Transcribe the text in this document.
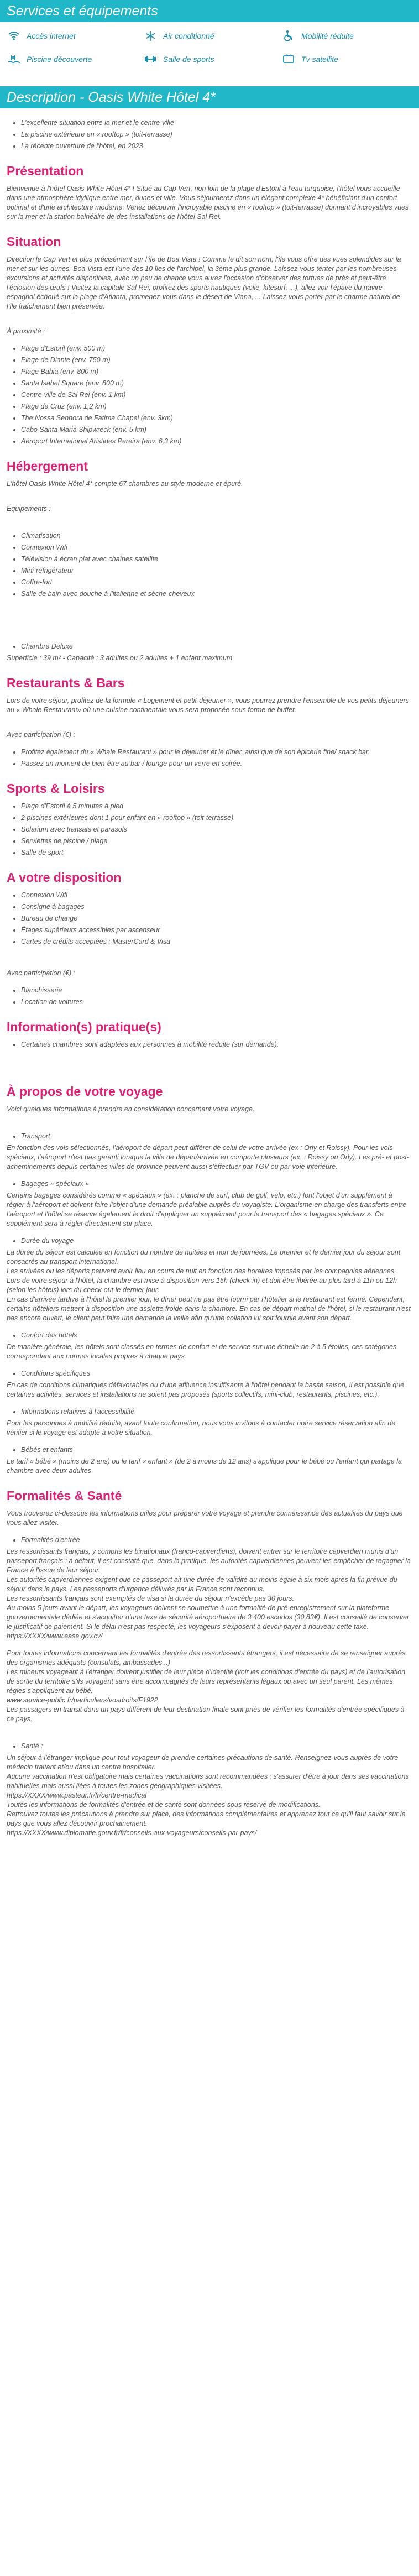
Services et équipements
Accès internet	Air conditionné	Mobilité réduite
Piscine découverte	Salle de sports	Tv satellite
Description - Oasis White Hôtel 4*
• L'excellente situation entre la mer et le centre-ville
• La piscine extérieure en « rooftop » (toit-terrasse)
• La récente ouverture de l'hôtel, en 2023
Présentation

Bienvenue à l'hôtel Oasis White Hôtel 4* ! Situé au Cap Vert, non loin de la plage d'Estoril à l'eau turquoise, l'hôtel vous accueille dans une atmosphère idyllique entre mer, dunes et ville. Vous séjournerez dans un élégant complexe 4* bénéficiant d'un confort optimal et d'une architecture moderne. Venez découvrir l'incroyable piscine en « rooftop » (toit-terrasse) donnant d'incroyables vues sur la mer et la station balnéaire de des installations de l'hôtel Sal Rei.

Situation

Direction le Cap Vert et plus précisément sur l'île de Boa Vista ! Comme le dit son nom, l'île vous offre des vues splendides sur la mer et sur les dunes. Boa Vista est l'une des 10 îles de l'archipel, la 3ème plus grande. Laissez-vous tenter par les nombreuses excursions et activités disponibles, avec un peu de chance vous aurez l'occasion d'observer des tortues de près et peut-être l'éclosion des œufs ! Visitez la capitale Sal Rei, profitez des sports nautiques (voile, kitesurf, ...), allez voir l'épave du navire espagnol échoué sur la plage d'Atlanta, promenez-vous dans le désert de Viana, ... Laissez-vous porter par le charme naturel de l'île fraîchement bien préservée.

À proximité :

• Plage d'Estoril (env. 500 m)
• Plage de Diante (env. 750 m)
• Plage Bahia (env. 800 m)
• Santa Isabel Square (env. 800 m)
• Centre-ville de Sal Rei (env. 1 km)
• Plage de Cruz (env. 1,2 km)
• The Nossa Senhora de Fatima Chapel (env. 3km)
• Cabo Santa Maria Shipwreck (env. 5 km)
• Aéroport International Aristides Pereira (env. 6,3 km)
Hébergement

L'hôtel Oasis White Hôtel 4* compte 67 chambres au style moderne et épuré.

Équipements :

• Climatisation
• Connexion Wifi
• Télévision à écran plat avec chaînes satellite
• Mini-réfrigérateur
• Coffre-fort
• Salle de bain avec douche à l'italienne et sèche-cheveux
• Chambre Deluxe

Superficie : 39 m² - Capacité : 3 adultes ou 2 adultes + 1 enfant maximum

Restaurants & Bars

Lors de votre séjour, profitez de la formule « Logement et petit-déjeuner », vous pourrez prendre l'ensemble de vos petits déjeuners au « Whale Restaurant» où une cuisine continentale vous sera proposée sous forme de buffet.

Avec participation (€) :

• Profitez également du « Whale Restaurant » pour le déjeuner et le dîner, ainsi que de son épicerie fine/ snack bar.
• Passez un moment de bien-être au bar / lounge pour un verre en soirée.
Sports & Loisirs
• Plage d'Estoril à 5 minutes à pied
• 2 piscines extérieures dont 1 pour enfant en « rooftop » (toit-terrasse)
• Solarium avec transats et parasols
• Serviettes de piscine / plage
• Salle de sport
A votre disposition
• Connexion Wifi
• Consigne à bagages
• Bureau de change
• Étages supérieurs accessibles par ascenseur
• Cartes de crédits acceptées : MasterCard & Visa

Avec participation (€) :

• Blanchisserie
• Location de voitures
Information(s) pratique(s)
• Certaines chambres sont adaptées aux personnes à mobilité réduite (sur demande).
À propos de votre voyage

Voici quelques informations à prendre en considération concernant votre voyage.

• Transport

En fonction des vols sélectionnés, l'aéroport de départ peut différer de celui de votre arrivée (ex : Orly et Roissy). Pour les vols spéciaux, l'aéroport n'est pas garanti lorsque la ville de départ/arrivée en comporte plusieurs (ex. : Roissy ou Orly). Les pré- et post- acheminements depuis certaines villes de province peuvent aussi s'effectuer par TGV ou par voie intérieure.

• Bagages « spéciaux »

Certains bagages considérés comme « spéciaux » (ex. : planche de surf, club de golf, vélo, etc.) font l'objet d'un supplément à régler à l'aéroport et doivent faire l'objet d'une demande préalable auprès du voyagiste. L'organisme en charge des transferts entre l'aéroport et l'hôtel se réserve également le droit d'appliquer un supplément pour le transport des « bagages spéciaux ». Ce supplément sera à régler directement sur place.

• Durée du voyage

La durée du séjour est calculée en fonction du nombre de nuitées et non de journées. Le premier et le dernier jour du séjour sont consacrés au transport international.
Les arrivées ou les départs peuvent avoir lieu en cours de nuit en fonction des horaires imposés par les compagnies aériennes.
Lors de votre séjour à l'hôtel, la chambre est mise à disposition vers 15h (check-in) et doit être libérée au plus tard à 11h ou 12h (selon les hôtels) lors du check-out le dernier jour.
En cas d'arrivée tardive à l'hôtel le premier jour, le dîner peut ne pas être fourni par l'hôtelier si le restaurant est fermé. Cependant, certains hôteliers mettent à disposition une assiette froide dans la chambre. En cas de départ matinal de l'hôtel, si le restaurant n'est pas encore ouvert, le client peut faire une demande la veille afin qu'une collation lui soit fournie avant son départ.

• Confort des hôtels

De manière générale, les hôtels sont classés en termes de confort et de service sur une échelle de 2 à 5 étoiles, ces catégories correspondant aux normes locales propres à chaque pays.

• Conditions spécifiques

En cas de conditions climatiques défavorables ou d'une affluence insuffisante à l'hôtel pendant la basse saison, il est possible que certaines activités, services et installations ne soient pas proposés (sports collectifs, mini-club, restaurants, piscines, etc.).

• Informations relatives à l'accessibilité

Pour les personnes à mobilité réduite, avant toute confirmation, nous vous invitons à contacter notre service réservation afin de vérifier si le voyage est adapté à votre situation.

• Bébés et enfants

Le tarif « bébé » (moins de 2 ans) ou le tarif « enfant » (de 2 à moins de 12 ans) s'applique pour le bébé ou l'enfant qui partage la chambre avec deux adultes

Formalités & Santé

Vous trouverez ci-dessous les informations utiles pour préparer votre voyage et prendre connaissance des actualités du pays que vous allez visiter.

• Formalités d'entrée

Les ressortissants français, y compris les binationaux (franco-capverdiens), doivent entrer sur le territoire capverdien munis d'un passeport français : à défaut, il est constaté que, dans la pratique, les autorités capverdiennes peuvent les empêcher de regagner la France à l'issue de leur séjour.
Les autorités capverdiennes exigent que ce passeport ait une durée de validité au moins égale à six mois après la fin prévue du séjour dans le pays. Les passeports d'urgence délivrés par la France sont reconnus.
Les ressortissants français sont exemptés de visa si la durée du séjour n'excède pas 30 jours.
Au moins 5 jours avant le départ, les voyageurs doivent se soumettre à une formalité de pré-enregistrement sur la plateforme gouvernementale dédiée et s'acquitter d'une taxe de sécurité aéroportuaire de 3 400 escudos (30,83€). Il est conseillé de conserver le justificatif de paiement. Si le délai n'est pas respecté, les voyageurs s'exposent à devoir payer à nouveau cette taxe. https://XXXX/www.ease.gov.cv/

Pour toutes informations concernant les formalités d'entrée des ressortissants étrangers, il est nécessaire de se renseigner auprès des organismes adéquats (consulats, ambassades...)
Les mineurs voyageant à l'étranger doivent justifier de leur pièce d'identité (voir les conditions d'entrée du pays) et de l'autorisation de sortie du territoire s'ils voyagent sans être accompagnés de leurs représentants légaux ou avec un seul parent. Les mêmes règles s'appliquent au bébé.
www.service-public.fr/particuliers/vosdroits/F1922
Les passagers en transit dans un pays différent de leur destination finale sont priés de vérifier les formalités d'entrée spécifiques à ce pays.

• Santé :

Un séjour à l'étranger implique pour tout voyageur de prendre certaines précautions de santé. Renseignez-vous auprès de votre médecin traitant et/ou dans un centre hospitalier.
Aucune vaccination n'est obligatoire mais certaines vaccinations sont recommandées ; s'assurer d'être à jour dans ses vaccinations habituelles mais aussi liées à toutes les zones géographiques visitées.
https://XXXX/www.pasteur.fr/fr/centre-medical
Toutes les informations de formalités d'entrée et de santé sont données sous réserve de modifications.
Retrouvez toutes les précautions à prendre sur place, des informations complémentaires et apprenez tout ce qu'il faut savoir sur le pays que vous allez découvrir prochainement.
https://XXXX/www.diplomatie.gouv.fr/fr/conseils-aux-voyageurs/conseils-par-pays/
